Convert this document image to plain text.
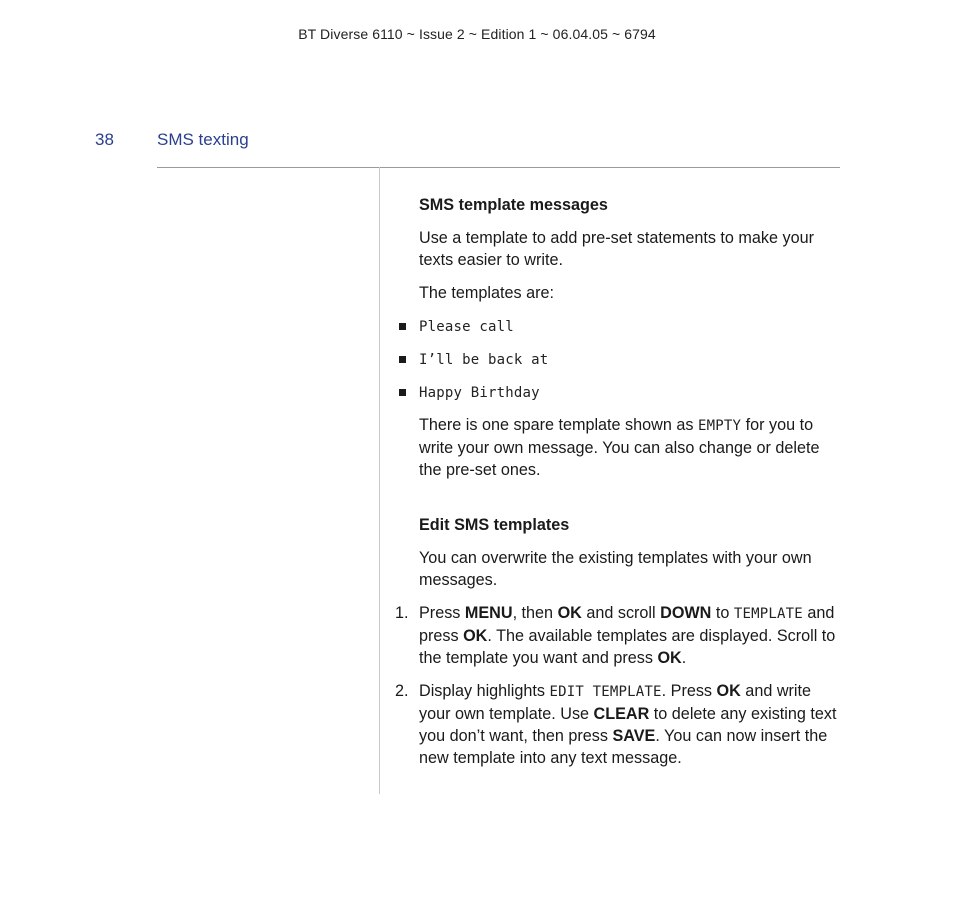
BT Diverse 6110 ~ Issue 2 ~ Edition 1 ~ 06.04.05 ~ 6794
38	SMS texting

SMS template messages

Use a template to add pre-set statements to make your texts easier to write.

The templates are:

Please call
I’ll be back at
Happy Birthday

There is one spare template shown as EMPTY for you to write your own message. You can also change or delete the pre-set ones.

Edit SMS templates

You can overwrite the existing templates with your own messages.

1. Press MENU, then OK and scroll DOWN to TEMPLATE and press OK. The available templates are displayed. Scroll to the template you want and press OK.
2. Display highlights EDIT TEMPLATE. Press OK and write your own template. Use CLEAR to delete any existing text you don’t want, then press SAVE. You can now insert the new template into any text message.
